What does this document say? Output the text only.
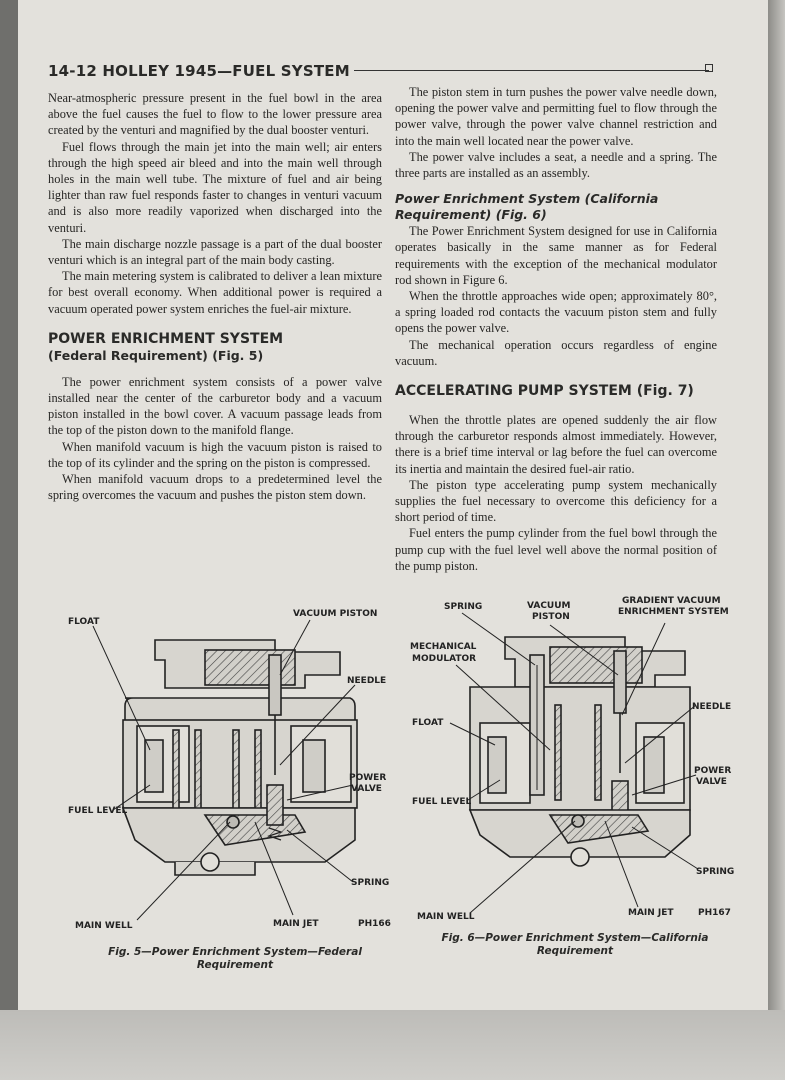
14-12 HOLLEY 1945—FUEL SYSTEM

Near-atmospheric pressure present in the fuel bowl in the area above the fuel causes the fuel to flow to the lower pressure area created by the venturi and magnified by the dual booster venturi.

Fuel flows through the main jet into the main well; air enters through the high speed air bleed and into the main well through holes in the main well tube. The mixture of fuel and air being lighter than raw fuel responds faster to changes in venturi vacuum and is also more readily vaporized when discharged into the venturi.

The main discharge nozzle passage is a part of the dual booster venturi which is an integral part of the main body casting.

The main metering system is calibrated to deliver a lean mixture for best overall economy. When additional power is required a vacuum operated power system enriches the fuel-air mixture.

POWER ENRICHMENT SYSTEM

(Federal Requirement) (Fig. 5)

The power enrichment system consists of a power valve installed near the center of the carburetor body and a vacuum piston installed in the bowl cover. A vacuum passage leads from the top of the piston down to the manifold flange.

When manifold vacuum is high the vacuum piston is raised to the top of its cylinder and the spring on the piston is compressed.

When manifold vacuum drops to a predetermined level the spring overcomes the vacuum and pushes the piston stem down.

The piston stem in turn pushes the power valve needle down, opening the power valve and permitting fuel to flow through the power valve, through the power valve channel restriction and into the main well located near the power valve.

The power valve includes a seat, a needle and a spring. The three parts are installed as an assembly.

Power Enrichment System (California Requirement) (Fig. 6)

The Power Enrichment System designed for use in California operates basically in the same manner as for Federal requirements with the exception of the mechanical modulator rod shown in Figure 6.

When the throttle approaches wide open; approximately 80°, a spring loaded rod contacts the vacuum piston stem and fully opens the power valve.

The mechanical operation occurs regardless of engine vacuum.

ACCELERATING PUMP SYSTEM (Fig. 7)

When the throttle plates are opened suddenly the air flow through the carburetor responds almost immediately. However, there is a brief time interval or lag before the fuel can overcome its inertia and maintain the desired fuel-air ratio.

The piston type accelerating pump system mechanically supplies the fuel necessary to overcome this deficiency for a short period of time.

Fuel enters the pump cylinder from the fuel bowl through the pump cup with the fuel level well above the normal position of the pump piston.

FLOAT
VACUUM PISTON
NEEDLE
POWER
VALVE
FUEL LEVEL
SPRING
MAIN WELL	MAIN JET	PH166
Fig. 5—Power Enrichment System—Federal
Requirement
SPRING	VACUUM
PISTON
GRADIENT VACUUM
ENRICHMENT SYSTEM
MECHANICAL
MODULATOR
NEEDLE
FLOAT
POWER
VALVE
FUEL LEVEL
SPRING
MAIN WELL	MAIN JET	PH167
Fig. 6—Power Enrichment System—California
Requirement
